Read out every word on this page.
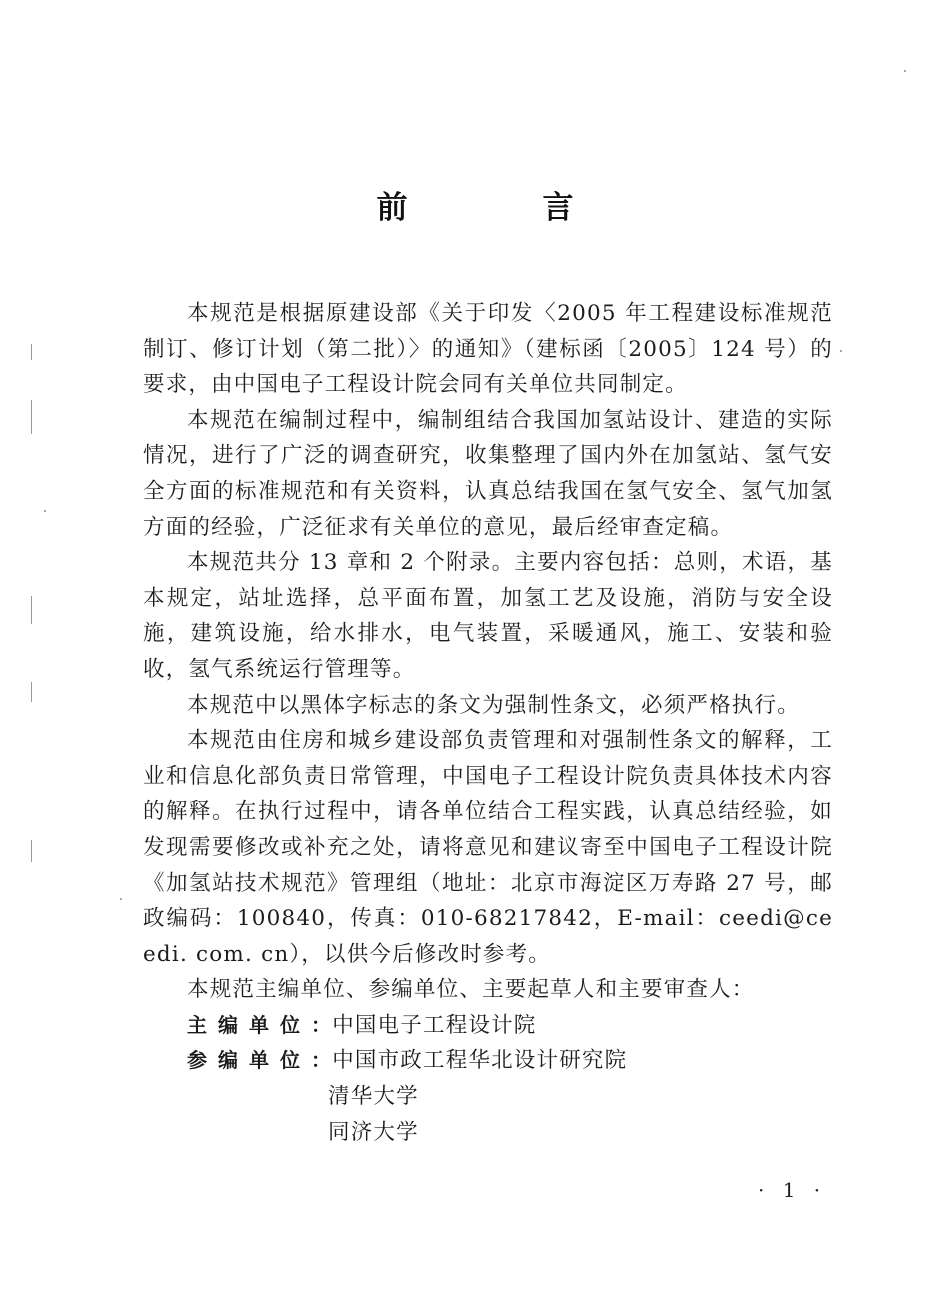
前　言

本规范是根据原建设部《关于印发〈2005 年工程建设标准规范制订、修订计划（第二批）〉的通知》（建标函〔2005〕124 号）的要求，由中国电子工程设计院会同有关单位共同制定。

本规范在编制过程中，编制组结合我国加氢站设计、建造的实际情况，进行了广泛的调查研究，收集整理了国内外在加氢站、氢气安全方面的标准规范和有关资料，认真总结我国在氢气安全、氢气加氢方面的经验，广泛征求有关单位的意见，最后经审查定稿。

本规范共分 13 章和 2 个附录。主要内容包括：总则，术语，基本规定，站址选择，总平面布置，加氢工艺及设施，消防与安全设施，建筑设施，给水排水，电气装置，采暖通风，施工、安装和验收，氢气系统运行管理等。

本规范中以黑体字标志的条文为强制性条文，必须严格执行。

本规范由住房和城乡建设部负责管理和对强制性条文的解释，工业和信息化部负责日常管理，中国电子工程设计院负责具体技术内容的解释。在执行过程中，请各单位结合工程实践，认真总结经验，如发现需要修改或补充之处，请将意见和建议寄至中国电子工程设计院《加氢站技术规范》管理组（地址：北京市海淀区万寿路 27 号，邮政编码：100840，传真：010-68217842，E-mail：ceedi@ceedi. com. cn），以供今后修改时参考。

本规范主编单位、参编单位、主要起草人和主要审查人：

主编单位：中国电子工程设计院

参编单位：中国市政工程华北设计研究院

清华大学

同济大学

· 1 ·
